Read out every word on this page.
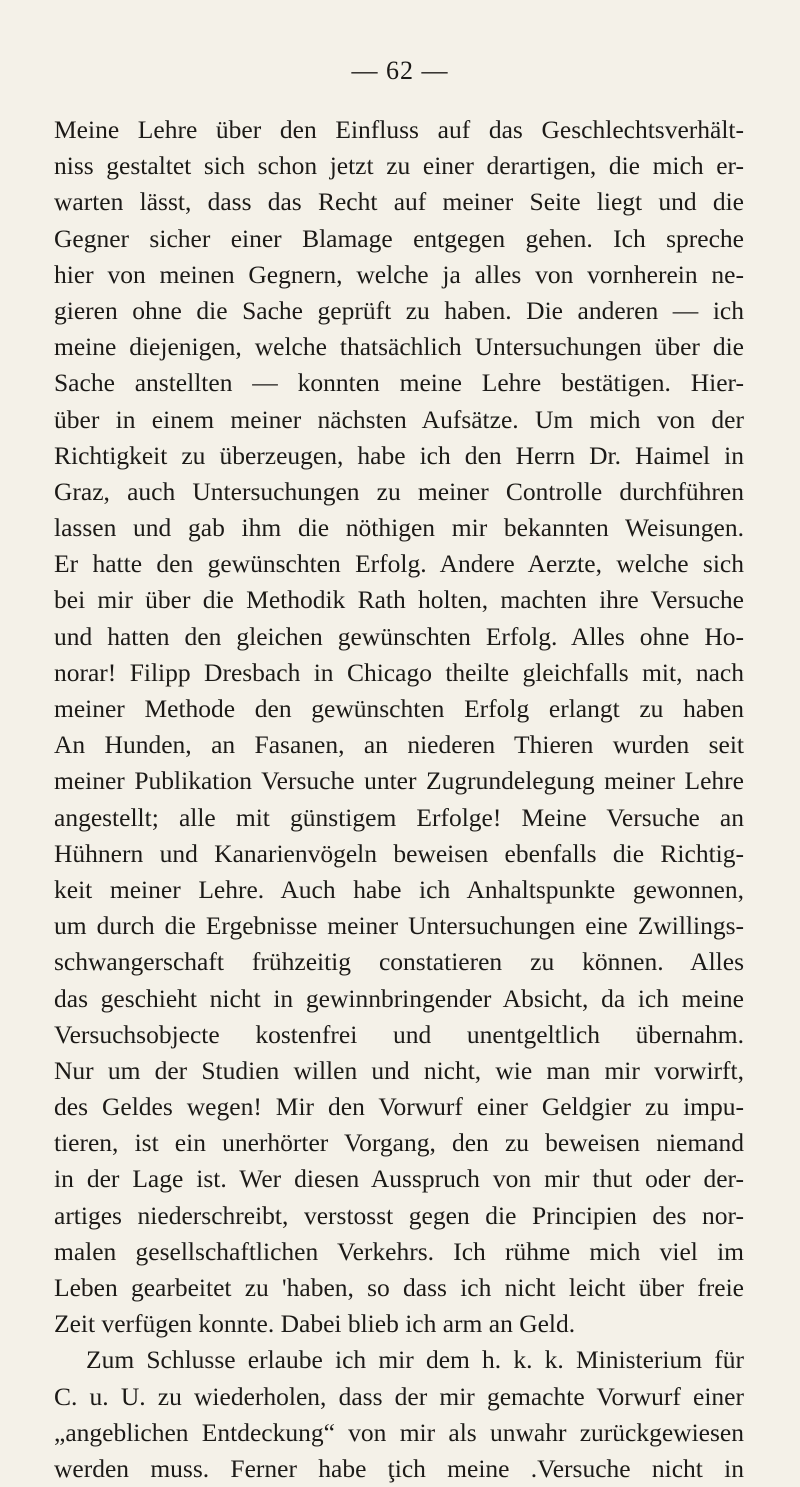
— 62 —
Meine Lehre über den Einfluss auf das Geschlechtsverhält-
niss gestaltet sich schon jetzt zu einer derartigen, die mich er-
warten lässt, dass das Recht auf meiner Seite liegt und die
Gegner sicher einer Blamage entgegen gehen. Ich spreche
hier von meinen Gegnern, welche ja alles von vornherein ne-
gieren ohne die Sache geprüft zu haben. Die anderen — ich
meine diejenigen, welche thatsächlich Untersuchungen über die
Sache anstellten — konnten meine Lehre bestätigen. Hier-
über in einem meiner nächsten Aufsätze. Um mich von der
Richtigkeit zu überzeugen, habe ich den Herrn Dr. Haimel in
Graz, auch Untersuchungen zu meiner Controlle durchführen
lassen und gab ihm die nöthigen mir bekannten Weisungen.
Er hatte den gewünschten Erfolg. Andere Aerzte, welche sich
bei mir über die Methodik Rath holten, machten ihre Versuche
und hatten den gleichen gewünschten Erfolg. Alles ohne Ho-
norar! Filipp Dresbach in Chicago theilte gleichfalls mit, nach
meiner Methode den gewünschten Erfolg erlangt zu haben
An Hunden, an Fasanen, an niederen Thieren wurden seit
meiner Publikation Versuche unter Zugrundelegung meiner Lehre
angestellt; alle mit günstigem Erfolge! Meine Versuche an
Hühnern und Kanarienvögeln beweisen ebenfalls die Richtig-
keit meiner Lehre. Auch habe ich Anhaltspunkte gewonnen,
um durch die Ergebnisse meiner Untersuchungen eine Zwillings-
schwangerschaft frühzeitig constatieren zu können. Alles
das geschieht nicht in gewinnbringender Absicht, da ich meine
Versuchsobjecte kostenfrei und unentgeltlich übernahm.
Nur um der Studien willen und nicht, wie man mir vorwirft,
des Geldes wegen! Mir den Vorwurf einer Geldgier zu impu-
tieren, ist ein unerhörter Vorgang, den zu beweisen niemand
in der Lage ist. Wer diesen Ausspruch von mir thut oder der-
artiges niederschreibt, verstosst gegen die Principien des nor-
malen gesellschaftlichen Verkehrs. Ich rühme mich viel im
Leben gearbeitet zu 'haben, so dass ich nicht leicht über freie
Zeit verfügen konnte. Dabei blieb ich arm an Geld.
Zum Schlusse erlaube ich mir dem h. k. k. Ministerium für
C. u. U. zu wiederholen, dass der mir gemachte Vorwurf einer
„angeblichen Entdeckung“ von mir als unwahr zurückgewiesen
werden muss. Ferner habe ţich meine .Versuche nicht in
